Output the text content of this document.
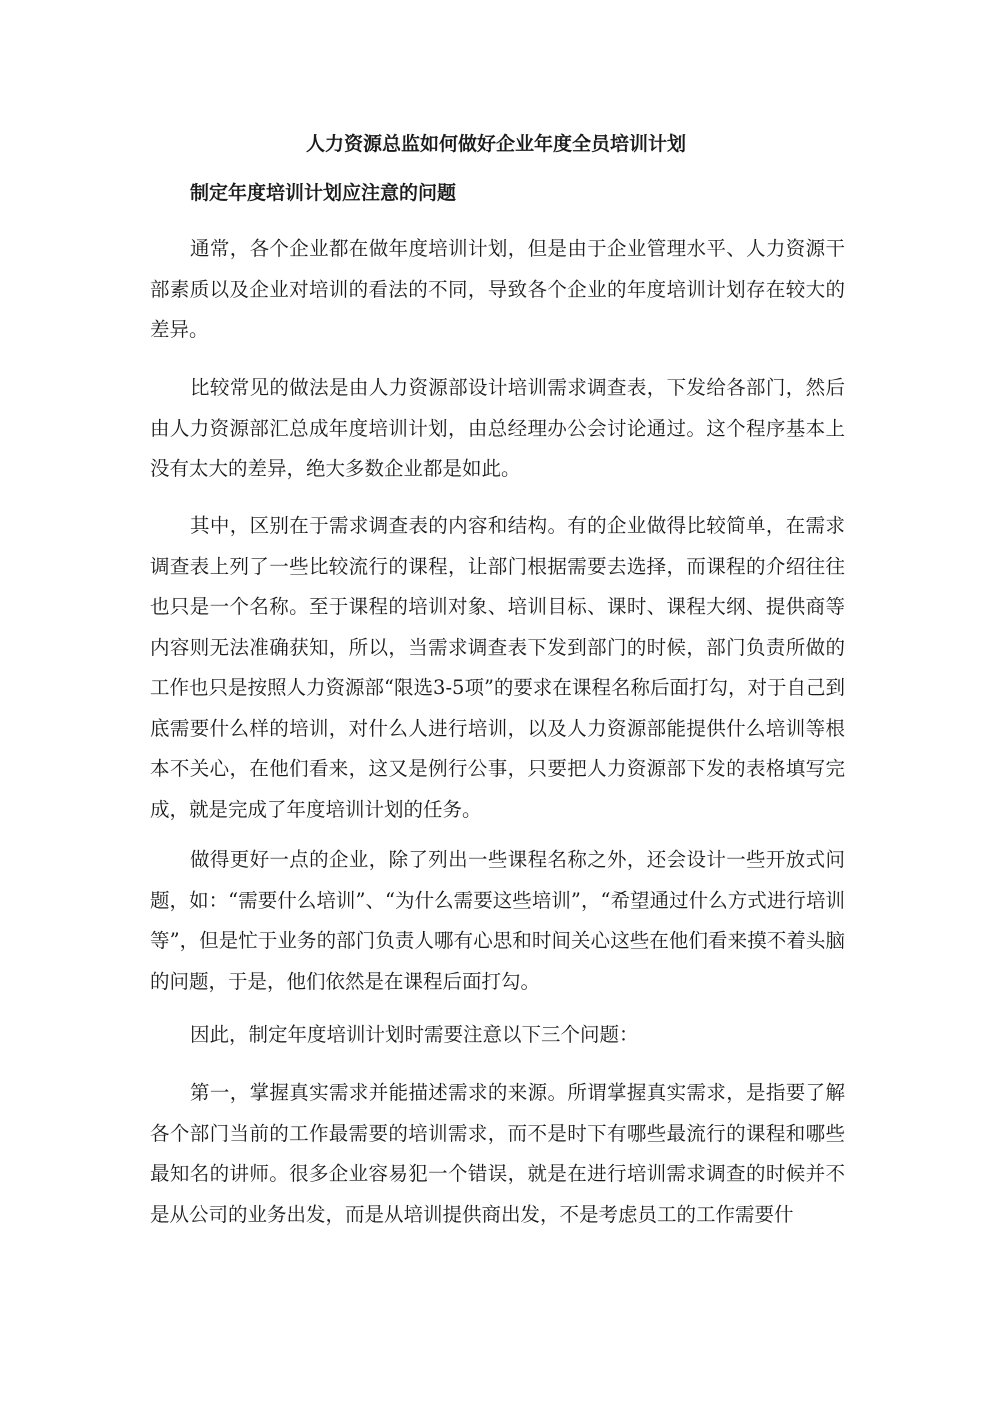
人力资源总监如何做好企业年度全员培训计划
制定年度培训计划应注意的问题

通常，各个企业都在做年度培训计划，但是由于企业管理水平、人力资源干部素质以及企业对培训的看法的不同，导致各个企业的年度培训计划存在较大的差异。

比较常见的做法是由人力资源部设计培训需求调查表，下发给各部门，然后由人力资源部汇总成年度培训计划，由总经理办公会讨论通过。这个程序基本上没有太大的差异，绝大多数企业都是如此。

其中，区别在于需求调查表的内容和结构。有的企业做得比较简单，在需求调查表上列了一些比较流行的课程，让部门根据需要去选择，而课程的介绍往往也只是一个名称。至于课程的培训对象、培训目标、课时、课程大纲、提供商等内容则无法准确获知，所以，当需求调查表下发到部门的时候，部门负责所做的工作也只是按照人力资源部“限选3-5项”的要求在课程名称后面打勾，对于自己到底需要什么样的培训，对什么人进行培训，以及人力资源部能提供什么培训等根本不关心，在他们看来，这又是例行公事，只要把人力资源部下发的表格填写完成，就是完成了年度培训计划的任务。

做得更好一点的企业，除了列出一些课程名称之外，还会设计一些开放式问题，如：“需要什么培训”、“为什么需要这些培训”，“希望通过什么方式进行培训等”，但是忙于业务的部门负责人哪有心思和时间关心这些在他们看来摸不着头脑的问题，于是，他们依然是在课程后面打勾。

因此，制定年度培训计划时需要注意以下三个问题：

第一，掌握真实需求并能描述需求的来源。所谓掌握真实需求，是指要了解各个部门当前的工作最需要的培训需求，而不是时下有哪些最流行的课程和哪些最知名的讲师。很多企业容易犯一个错误，就是在进行培训需求调查的时候并不是从公司的业务出发，而是从培训提供商出发，不是考虑员工的工作需要什
